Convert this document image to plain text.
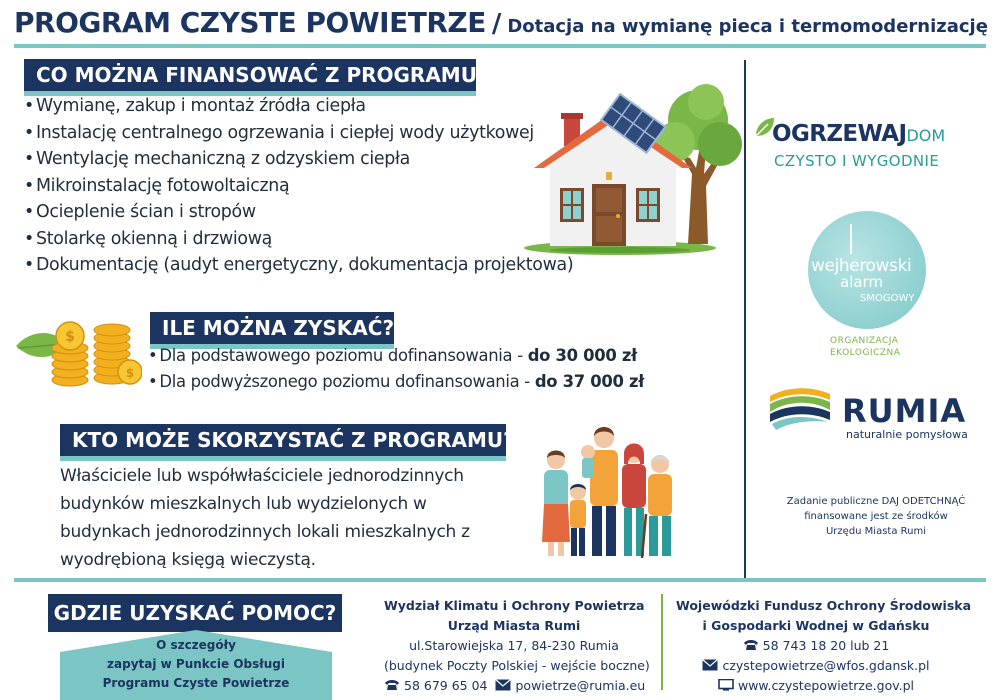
PROGRAM CZYSTE POWIETRZE / Dotacja na wymianę pieca i termomodernizację
CO MOŻNA FINANSOWAĆ Z PROGRAMU?
• Wymianę, zakup i montaż źródła ciepła
• Instalację centralnego ogrzewania i ciepłej wody użytkowej
• Wentylację mechaniczną z odzyskiem ciepła
• Mikroinstalację fotowoltaiczną
• Ocieplenie ścian i stropów
• Stolarkę okienną i drzwiową
• Dokumentację (audyt energetyczny, dokumentacja projektowa)
$
$
ILE MOŻNA ZYSKAĆ?
• Dla podstawowego poziomu dofinansowania - do 30 000 zł
• Dla podwyższonego poziomu dofinansowania - do 37 000 zł
KTO MOŻE SKORZYSTAĆ Z PROGRAMU?
Właściciele lub współwłaściciele jednorodzinnych budynków mieszkalnych lub wydzielonych w budynkach jednorodzinnych lokali mieszkalnych z wyodrębioną księgą wieczystą.
OGRZEWAJDOM
CZYSTO I WYGODNIE
wejherowski
alarm
SMOGOWY
ORGANIZACJA
EKOLOGICZNA
RUMIA
naturalnie pomysłowa
Zadanie publiczne DAJ ODETCHNĄĆ
finansowane jest ze środków
Urzędu Miasta Rumi
GDZIE UZYSKAĆ POMOC?
O szczegóły
zapytaj w Punkcie Obsługi
Programu Czyste Powietrze
Wydział Klimatu i Ochrony Powietrza
Urząd Miasta Rumi
ul.Starowiejska 17, 84-230 Rumia
(budynek Poczty Polskiej - wejście boczne)
58 679 65 04 powietrze@rumia.eu
Wojewódzki Fundusz Ochrony Środowiska
i Gospodarki Wodnej w Gdańsku
58 743 18 20 lub 21
czystepowietrze@wfos.gdansk.pl
www.czystepowietrze.gov.pl
